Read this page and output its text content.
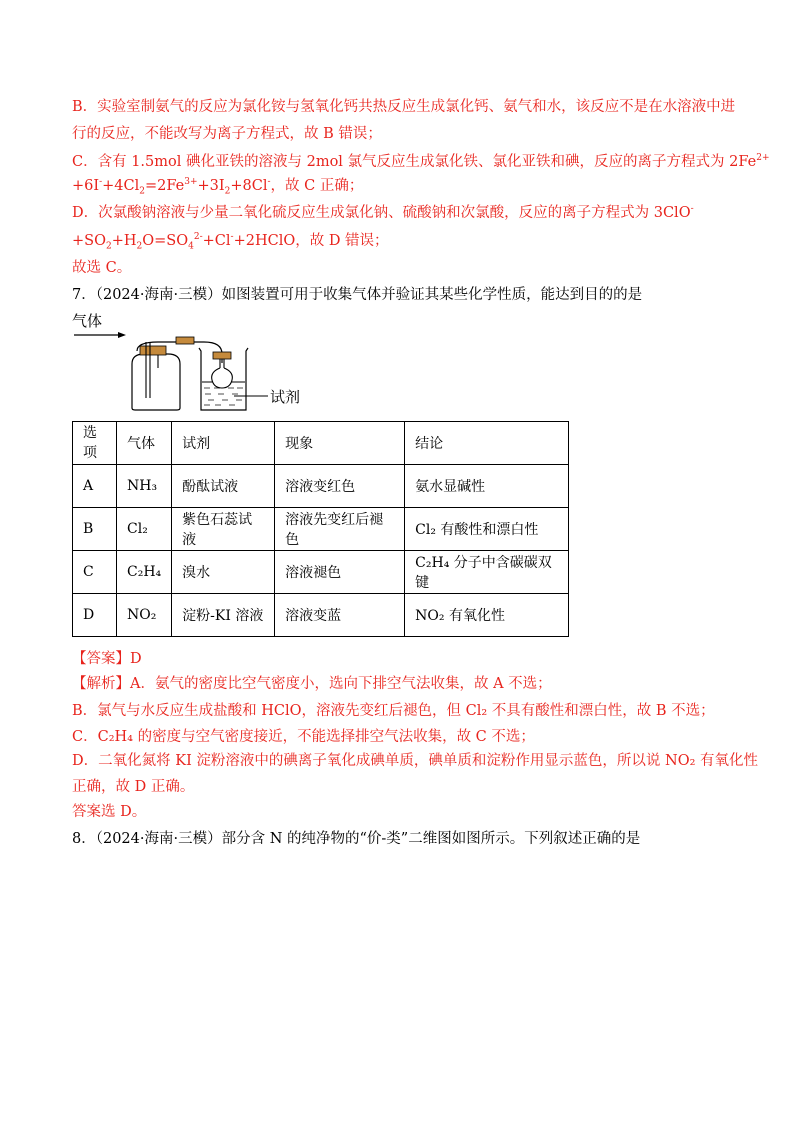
B．实验室制氨气的反应为氯化铵与氢氧化钙共热反应生成氯化钙、氨气和水，该反应不是在水溶液中进
行的反应，不能改写为离子方程式，故 B 错误；
C．含有 1.5mol 碘化亚铁的溶液与 2mol 氯气反应生成氯化铁、氯化亚铁和碘，反应的离子方程式为 $2Fe^{2+}$
$+6I^-+4Cl_2=2Fe^{3+}+3I_2+8Cl^-$，故 C 正确；
D．次氯酸钠溶液与少量二氧化硫反应生成氯化钠、硫酸钠和次氯酸，反应的离子方程式为 3ClO-
$+SO_2+H_2O=SO_4^{2-}+Cl^-+2HClO$，故 D 错误；
故选 C。
7．（2024·海南·三模）如图装置可用于收集气体并验证其某些化学性质，能达到目的的是
气体
试剂
选
项	气体	试剂	现象	结论
A	NH₃	酚酞试液	溶液变红色	氨水显碱性
B	Cl₂	紫色石蕊试液	溶液先变红后褪色	Cl₂ 有酸性和漂白性
C	C₂H₄	溴水	溶液褪色	C₂H₄ 分子中含碳碳双键
D	NO₂	淀粉-KI 溶液	溶液变蓝	NO₂ 有氧化性
【答案】D
【解析】A．氨气的密度比空气密度小，选向下排空气法收集，故 A 不选；
B．氯气与水反应生成盐酸和 HClO，溶液先变红后褪色，但 Cl₂ 不具有酸性和漂白性，故 B 不选；
C．C₂H₄ 的密度与空气密度接近，不能选择排空气法收集，故 C 不选；
D．二氧化氮将 KI 淀粉溶液中的碘离子氧化成碘单质，碘单质和淀粉作用显示蓝色，所以说 NO₂ 有氧化性
正确，故 D 正确。
答案选 D。
8．（2024·海南·三模）部分含 N 的纯净物的“价-类”二维图如图所示。下列叙述正确的是
